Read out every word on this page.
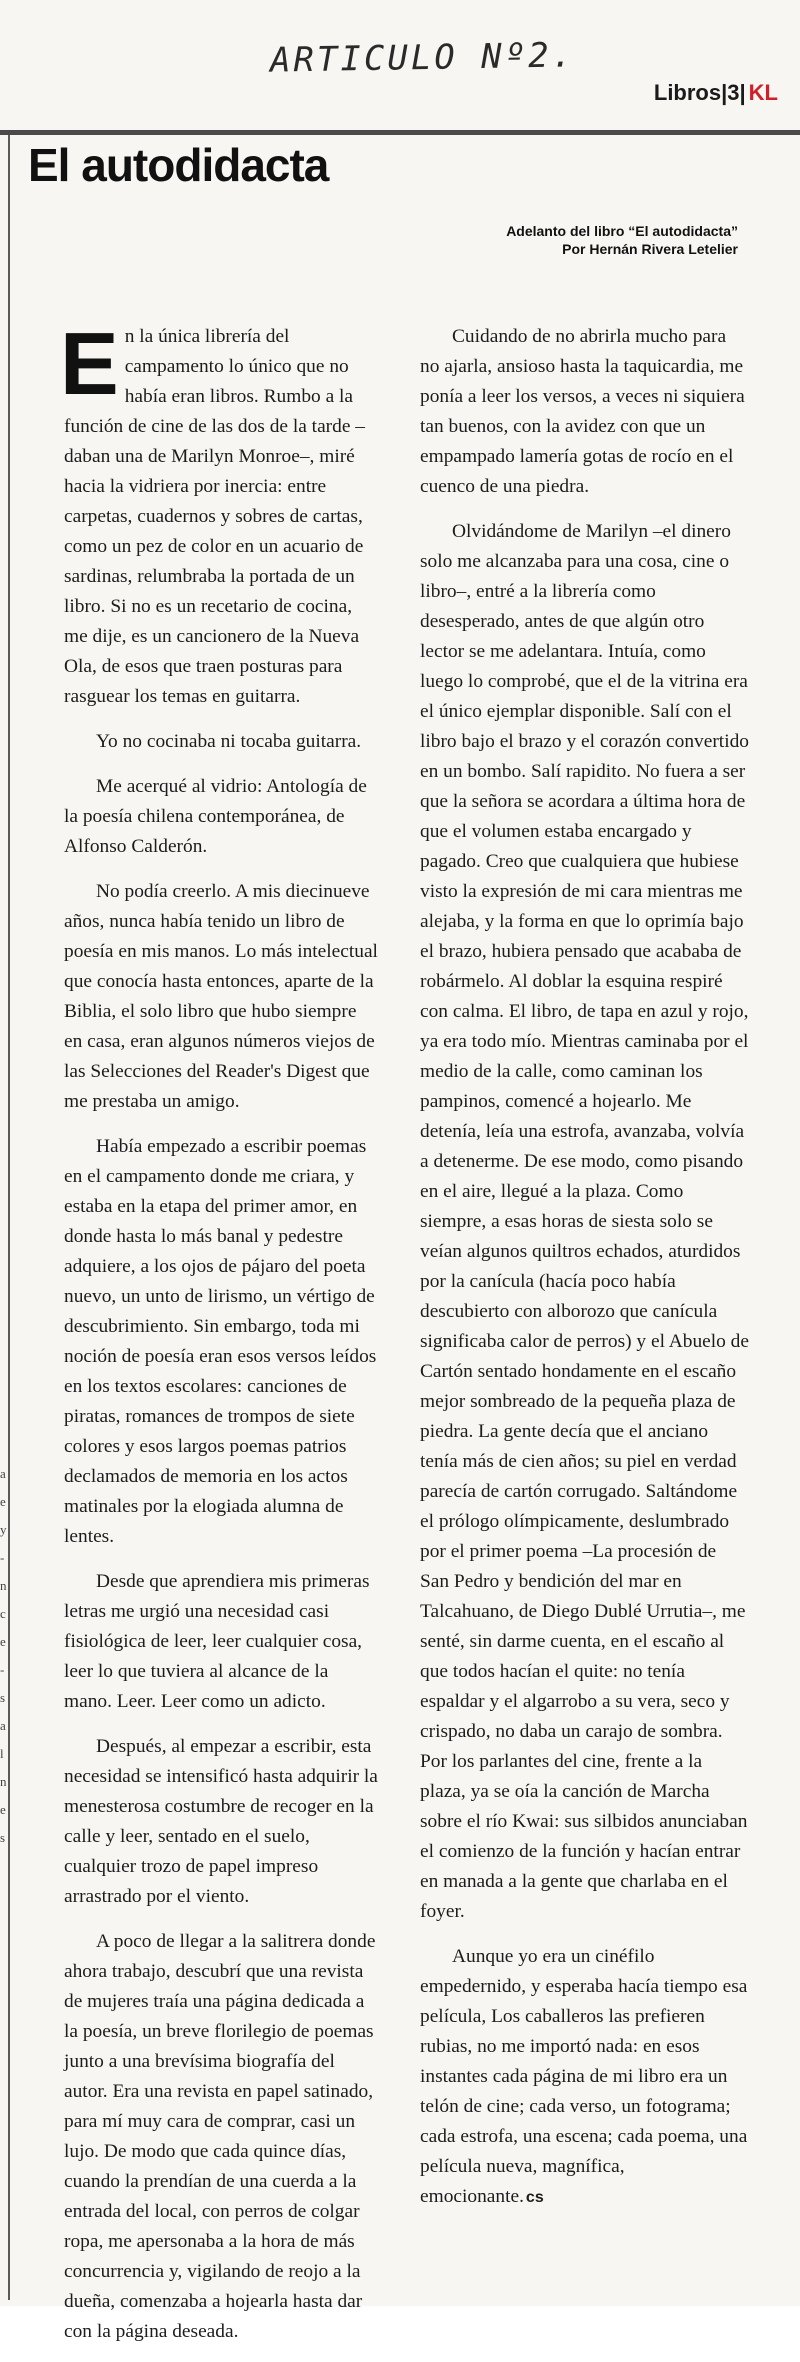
ARTICULO Nº2.
Libros|3| KL
El autodidacta
Adelanto del libro “El autodidacta”
Por Hernán Rivera Letelier
a
e
y
-
n
c
e
-
s
a
l
n
e
s

En la única librería del campamento lo único que no había eran libros. Rumbo a la función de cine de las dos de la tarde –daban una de Marilyn Monroe–, miré hacia la vidriera por inercia: entre carpetas, cuadernos y sobres de cartas, como un pez de color en un acuario de sardinas, relumbraba la portada de un libro. Si no es un recetario de cocina, me dije, es un cancionero de la Nueva Ola, de esos que traen posturas para rasguear los temas en guitarra.

Yo no cocinaba ni tocaba guitarra.

Me acerqué al vidrio: Antología de la poesía chilena contemporánea, de Alfonso Calderón.

No podía creerlo. A mis diecinueve años, nunca había tenido un libro de poesía en mis manos. Lo más intelectual que conocía hasta entonces, aparte de la Biblia, el solo libro que hubo siempre en casa, eran algunos números viejos de las Selecciones del Reader's Digest que me prestaba un amigo.

Había empezado a escribir poemas en el campamento donde me criara, y estaba en la etapa del primer amor, en donde hasta lo más banal y pedestre adquiere, a los ojos de pájaro del poeta nuevo, un unto de lirismo, un vértigo de descubrimiento. Sin embargo, toda mi noción de poesía eran esos versos leídos en los textos escolares: canciones de piratas, romances de trompos de siete colores y esos largos poemas patrios declamados de memoria en los actos matinales por la elogiada alumna de lentes.

Desde que aprendiera mis primeras letras me urgió una necesidad casi fisiológica de leer, leer cualquier cosa, leer lo que tuviera al alcance de la mano. Leer. Leer como un adicto.

Después, al empezar a escribir, esta necesidad se intensificó hasta adquirir la menesterosa costumbre de recoger en la calle y leer, sentado en el suelo, cualquier trozo de papel impreso arrastrado por el viento.

A poco de llegar a la salitrera donde ahora trabajo, descubrí que una revista de mujeres traía una página dedicada a la poesía, un breve florilegio de poemas junto a una brevísima biografía del autor. Era una revista en papel satinado, para mí muy cara de comprar, casi un lujo. De modo que cada quince días, cuando la prendían de una cuerda a la entrada del local, con perros de colgar ropa, me apersonaba a la hora de más concurrencia y, vigilando de reojo a la dueña, comenzaba a hojearla hasta dar con la página deseada.

Cuidando de no abrirla mucho para no ajarla, ansioso hasta la taquicardia, me ponía a leer los versos, a veces ni siquiera tan buenos, con la avidez con que un empampado lamería gotas de rocío en el cuenco de una piedra.

Olvidándome de Marilyn –el dinero solo me alcanzaba para una cosa, cine o libro–, entré a la librería como desesperado, antes de que algún otro lector se me adelantara. Intuía, como luego lo comprobé, que el de la vitrina era el único ejemplar disponible. Salí con el libro bajo el brazo y el corazón convertido en un bombo. Salí rapidito. No fuera a ser que la señora se acordara a última hora de que el volumen estaba encargado y pagado. Creo que cualquiera que hubiese visto la expresión de mi cara mientras me alejaba, y la forma en que lo oprimía bajo el brazo, hubiera pensado que acababa de robármelo. Al doblar la esquina respiré con calma. El libro, de tapa en azul y rojo, ya era todo mío. Mientras caminaba por el medio de la calle, como caminan los pampinos, comencé a hojearlo. Me detenía, leía una estrofa, avanzaba, volvía a detenerme. De ese modo, como pisando en el aire, llegué a la plaza. Como siempre, a esas horas de siesta solo se veían algunos quiltros echados, aturdidos por la canícula (hacía poco había descubierto con alborozo que canícula significaba calor de perros) y el Abuelo de Cartón sentado hondamente en el escaño mejor sombreado de la pequeña plaza de piedra. La gente decía que el anciano tenía más de cien años; su piel en verdad parecía de cartón corrugado. Saltándome el prólogo olímpicamente, deslumbrado por el primer poema –La procesión de San Pedro y bendición del mar en Talcahuano, de Diego Dublé Urrutia–, me senté, sin darme cuenta, en el escaño al que todos hacían el quite: no tenía espaldar y el algarrobo a su vera, seco y crispado, no daba un carajo de sombra. Por los parlantes del cine, frente a la plaza, ya se oía la canción de Marcha sobre el río Kwai: sus silbidos anunciaban el comienzo de la función y hacían entrar en manada a la gente que charlaba en el foyer.

Aunque yo era un cinéfilo empedernido, y esperaba hacía tiempo esa película, Los caballeros las prefieren rubias, no me importó nada: en esos instantes cada página de mi libro era un telón de cine; cada verso, un fotograma; cada estrofa, una escena; cada poema, una película nueva, magnífica, emocionante. cs
